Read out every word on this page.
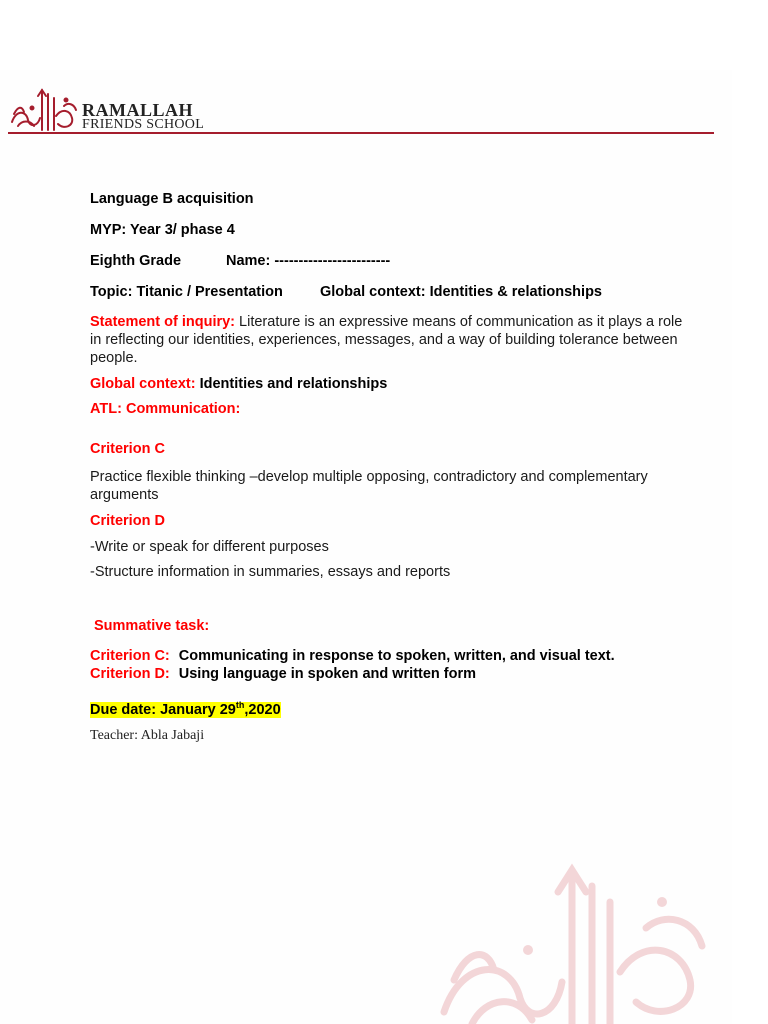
RAMALLAH
FRIENDS SCHOOL
Language B acquisition
MYP: Year 3/ phase 4
Eighth Grade	Name: ------------------------
Topic: Titanic / Presentation	Global context: Identities & relationships
Statement of inquiry: Literature is an expressive means of communication as it plays a role in reflecting our identities, experiences, messages, and a way of building tolerance between people.
Global context: Identities and relationships
ATL: Communication:
Criterion C
Practice flexible thinking –develop multiple opposing, contradictory and complementary arguments
Criterion D
-Write or speak for different purposes
-Structure information in summaries, essays and reports
Summative task:
Criterion C: Communicating in response to spoken, written, and visual text.
Criterion D: Using language in spoken and written form
Due date: January 29th,2020
Teacher: Abla Jabaji
